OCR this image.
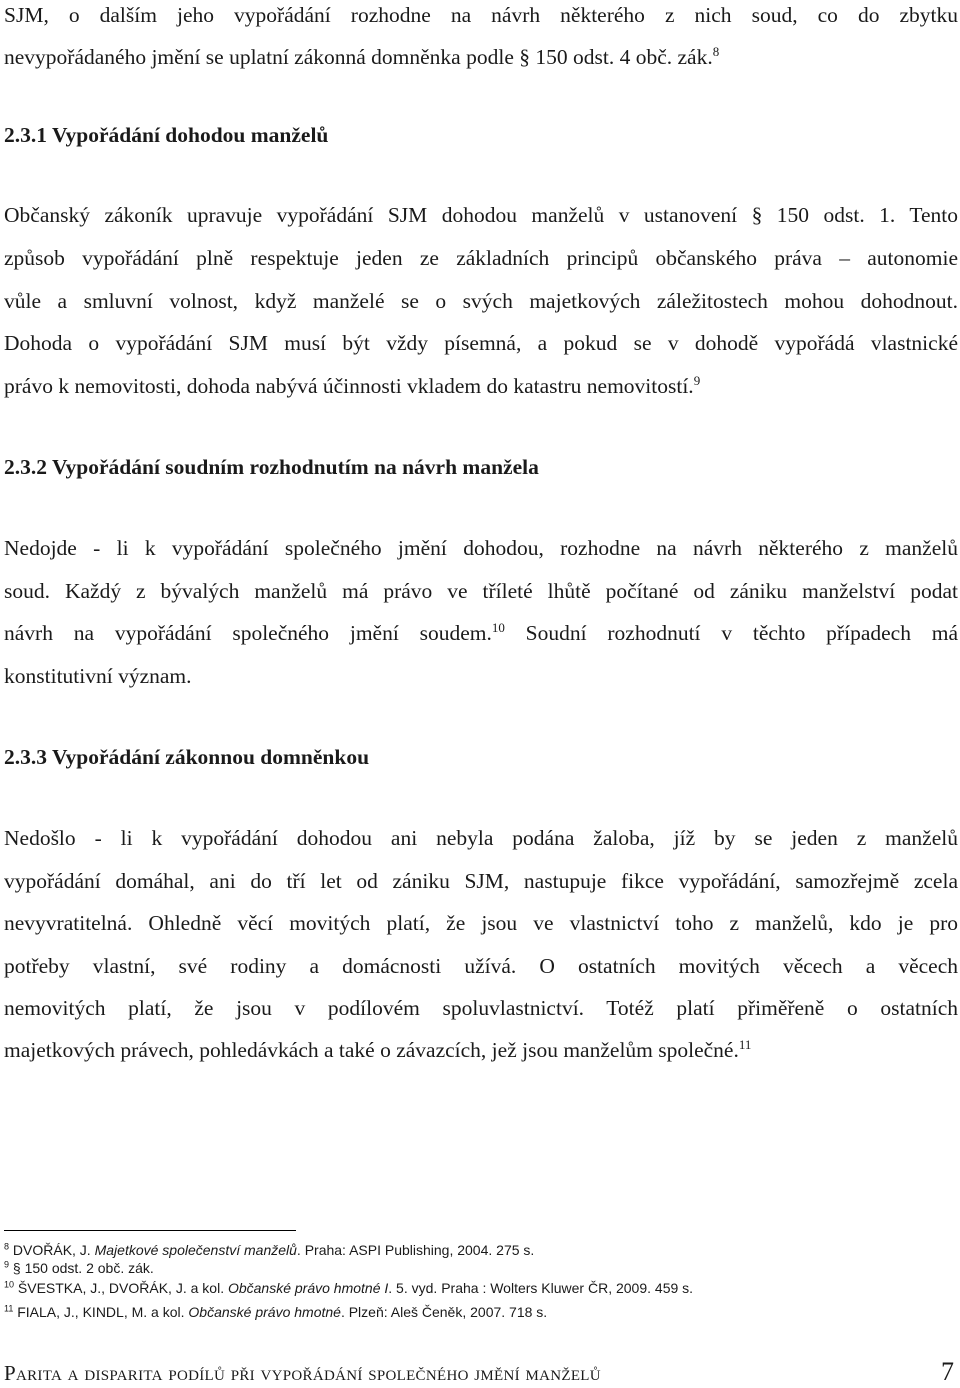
SJM, o dalším jeho vypořádání rozhodne na návrh některého z nich soud, co do zbytku
nevypořádaného jmění se uplatní zákonná domněnka podle § 150 odst. 4 obč. zák.$^8$
2.3.1 Vypořádání dohodou manželů
Občanský zákoník upravuje vypořádání SJM dohodou manželů v ustanovení § 150 odst. 1. Tento
způsob vypořádání plně respektuje jeden ze základních principů občanského práva – autonomie
vůle a smluvní volnost, když manželé se o svých majetkových záležitostech mohou dohodnout.
Dohoda o vypořádání SJM musí být vždy písemná, a pokud se v dohodě vypořádá vlastnické
právo k nemovitosti, dohoda nabývá účinnosti vkladem do katastru nemovitostí.$^9$
2.3.2 Vypořádání soudním rozhodnutím na návrh manžela
Nedojde - li k vypořádání společného jmění dohodou, rozhodne na návrh některého z manželů
soud. Každý z bývalých manželů má právo ve tříleté lhůtě počítané od zániku manželství podat
návrh na vypořádání společného jmění soudem.$^{10}$ Soudní rozhodnutí v těchto případech má
konstitutivní význam.
2.3.3 Vypořádání zákonnou domněnkou
Nedošlo - li k vypořádání dohodou ani nebyla podána žaloba, jíž by se jeden z manželů
vypořádání domáhal, ani do tří let od zániku SJM, nastupuje fikce vypořádání, samozřejmě zcela
nevyvratitelná. Ohledně věcí movitých platí, že jsou ve vlastnictví toho z manželů, kdo je pro
potřeby vlastní, své rodiny a domácnosti užívá. O ostatních movitých věcech a věcech
nemovitých platí, že jsou v podílovém spoluvlastnictví. Totéž platí přiměřeně o ostatních
majetkových právech, pohledávkách a také o závazcích, jež jsou manželům společné.$^{11}$
$^8$ DVOŘÁK, J. Majetkové společenství manželů. Praha: ASPI Publishing, 2004. 275 s.
$^9$ § 150 odst. 2 obč. zák.
$^{10}$ ŠVESTKA, J., DVOŘÁK, J. a kol. Občanské právo hmotné I. 5. vyd. Praha : Wolters Kluwer ČR, 2009. 459 s.
$^{11}$ FIALA, J., KINDL, M. a kol. Občanské právo hmotné. Plzeň: Aleš Čeněk, 2007. 718 s.
Parita a disparita podílů při vypořádání společného jmění manželů	7
